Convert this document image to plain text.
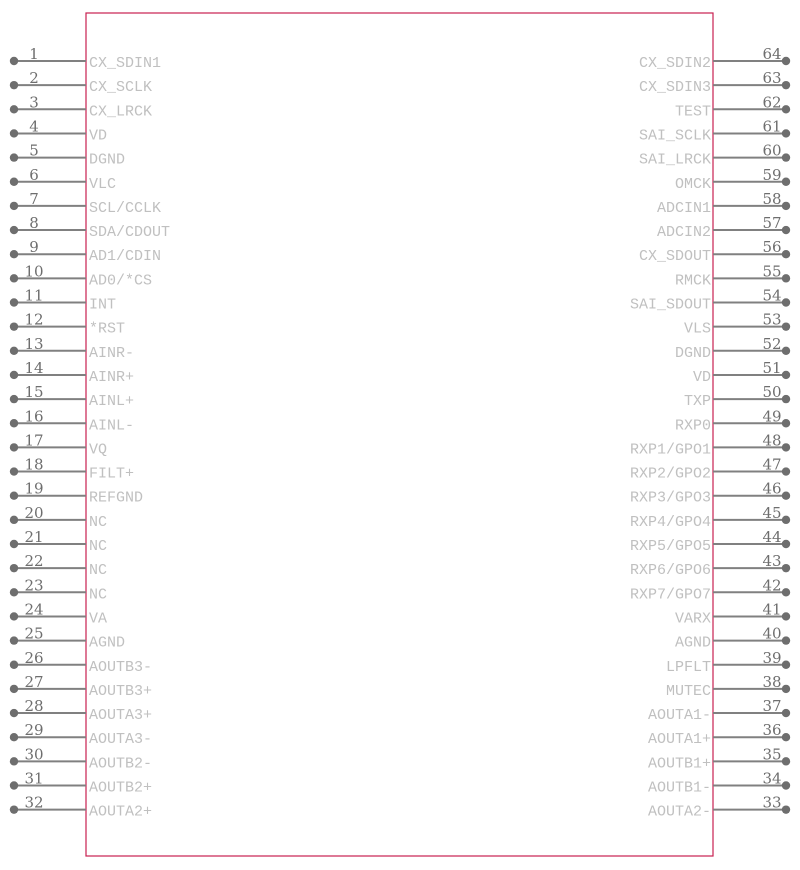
1
CX_SDIN1
2
CX_SCLK
3
CX_LRCK
4
VD
5
DGND
6
VLC
7
SCL/CCLK
8
SDA/CDOUT
9
AD1/CDIN
10
AD0/*CS
11
INT
12
*RST
13
AINR-
14
AINR+
15
AINL+
16
AINL-
17
VQ
18
FILT+
19
REFGND
20
NC
21
NC
22
NC
23
NC
24
VA
25
AGND
26
AOUTB3-
27
AOUTB3+
28
AOUTA3+
29
AOUTA3-
30
AOUTB2-
31
AOUTB2+
32
AOUTA2+
64
CX_SDIN2
63
CX_SDIN3
62
TEST
61
SAI_SCLK
60
SAI_LRCK
59
OMCK
58
ADCIN1
57
ADCIN2
56
CX_SDOUT
55
RMCK
54
SAI_SDOUT
53
VLS
52
DGND
51
VD
50
TXP
49
RXP0
48
RXP1/GPO1
47
RXP2/GPO2
46
RXP3/GPO3
45
RXP4/GPO4
44
RXP5/GPO5
43
RXP6/GPO6
42
RXP7/GPO7
41
VARX
40
AGND
39
LPFLT
38
MUTEC
37
AOUTA1-
36
AOUTA1+
35
AOUTB1+
34
AOUTB1-
33
AOUTA2-
